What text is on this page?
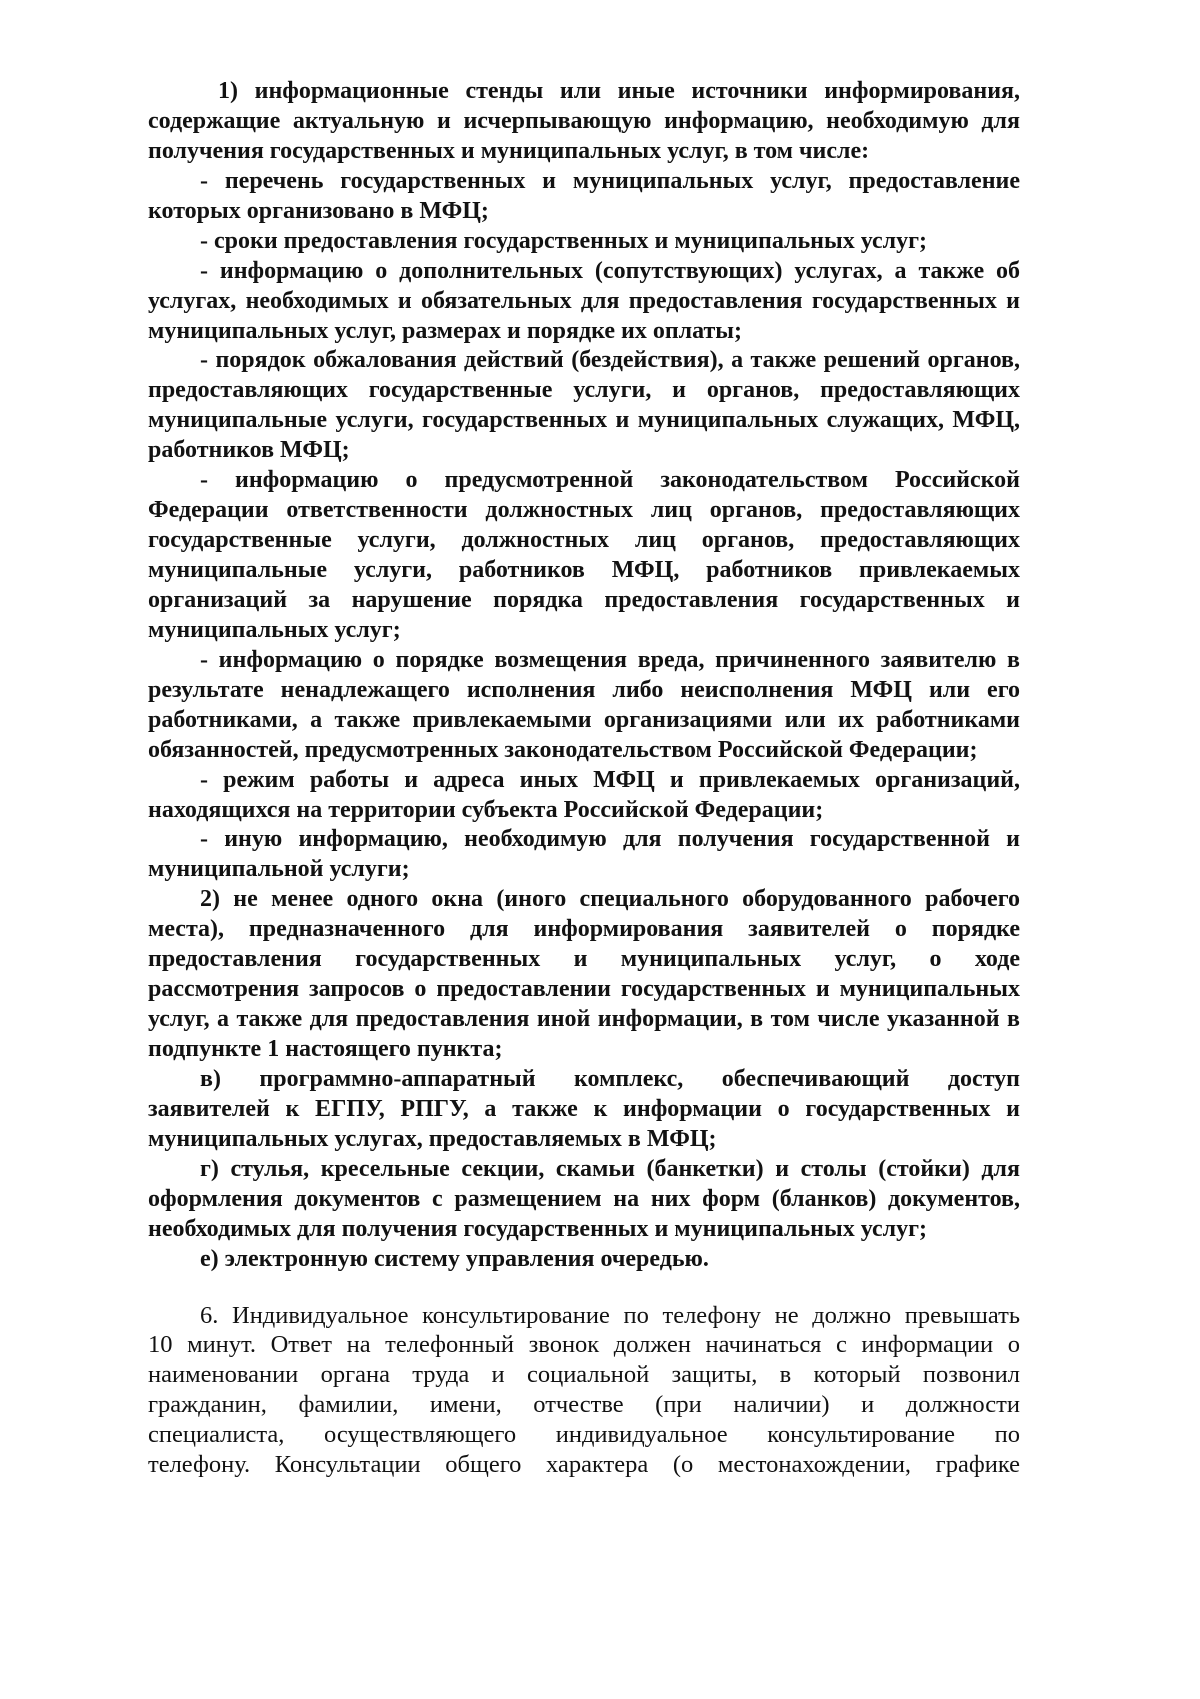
1) информационные стенды или иные источники информирования,
содержащие актуальную и исчерпывающую информацию, необходимую для
получения государственных и муниципальных услуг, в том числе:
- перечень государственных и муниципальных услуг, предоставление
которых организовано в МФЦ;
- сроки предоставления государственных и муниципальных услуг;
- информацию о дополнительных (сопутствующих) услугах, а также об
услугах, необходимых и обязательных для предоставления государственных и
муниципальных услуг, размерах и порядке их оплаты;
- порядок обжалования действий (бездействия), а также решений органов,
предоставляющих государственные услуги, и органов, предоставляющих
муниципальные услуги, государственных и муниципальных служащих, МФЦ,
работников МФЦ;
- информацию о предусмотренной законодательством Российской
Федерации ответственности должностных лиц органов, предоставляющих
государственные услуги, должностных лиц органов, предоставляющих
муниципальные услуги, работников МФЦ, работников привлекаемых
организаций за нарушение порядка предоставления государственных и
муниципальных услуг;
- информацию о порядке возмещения вреда, причиненного заявителю в
результате ненадлежащего исполнения либо неисполнения МФЦ или его
работниками, а также привлекаемыми организациями или их работниками
обязанностей, предусмотренных законодательством Российской Федерации;
- режим работы и адреса иных МФЦ и привлекаемых организаций,
находящихся на территории субъекта Российской Федерации;
- иную информацию, необходимую для получения государственной и
муниципальной услуги;
2) не менее одного окна (иного специального оборудованного рабочего
места), предназначенного для информирования заявителей о порядке
предоставления государственных и муниципальных услуг, о ходе
рассмотрения запросов о предоставлении государственных и муниципальных
услуг, а также для предоставления иной информации, в том числе указанной в
подпункте 1 настоящего пункта;
в) программно-аппаратный комплекс, обеспечивающий доступ
заявителей к ЕГПУ, РПГУ, а также к информации о государственных и
муниципальных услугах, предоставляемых в МФЦ;
г) стулья, кресельные секции, скамьи (банкетки) и столы (стойки) для
оформления документов с размещением на них форм (бланков) документов,
необходимых для получения государственных и муниципальных услуг;
е) электронную систему управления очередью.
6. Индивидуальное консультирование по телефону не должно превышать
10 минут. Ответ на телефонный звонок должен начинаться с информации о
наименовании органа труда и социальной защиты, в который позвонил
гражданин, фамилии, имени, отчестве (при наличии) и должности
специалиста, осуществляющего индивидуальное консультирование по
телефону. Консультации общего характера (о местонахождении, графике
